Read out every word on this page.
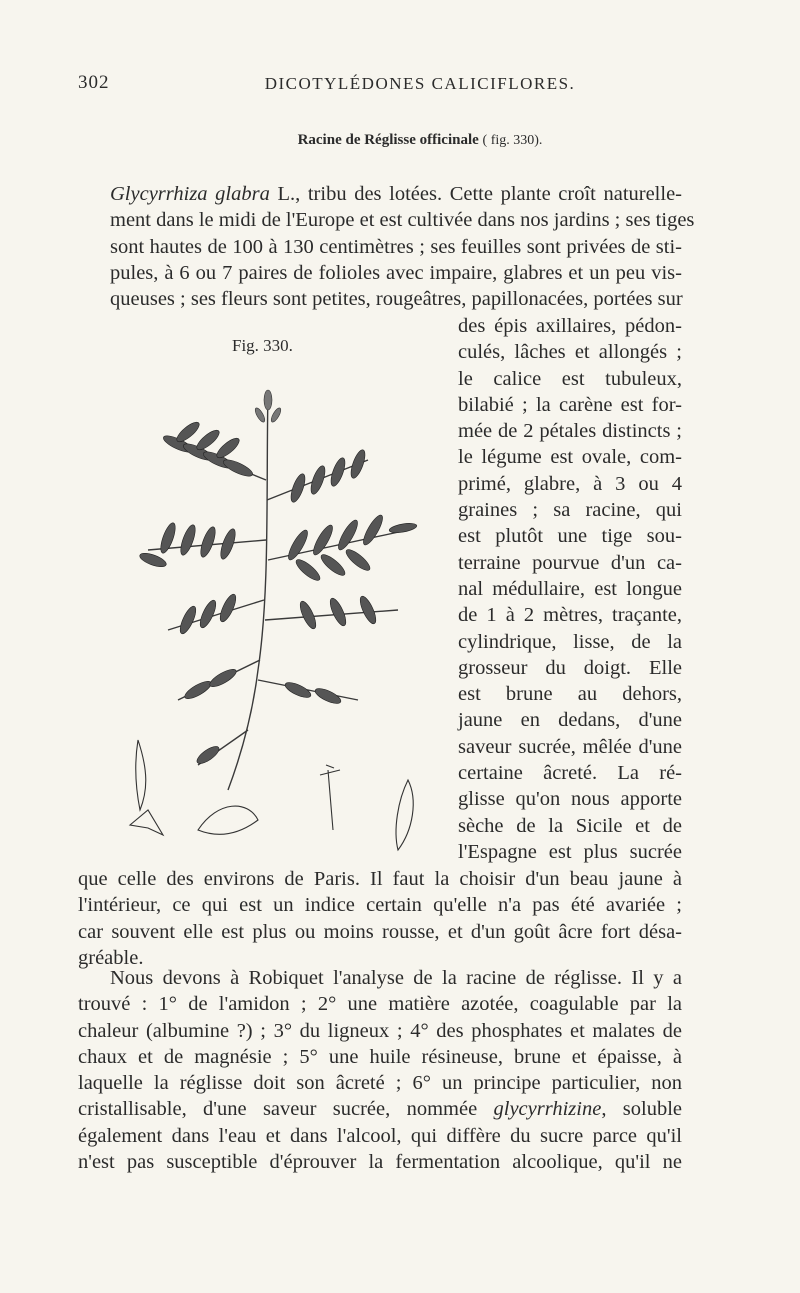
302	DICOTYLÉDONES CALICIFLORES.
Racine de Réglisse officinale ( fig. 330).
Glycyrrhiza glabra L., tribu des lotées. Cette plante croît naturelle-
ment dans le midi de l'Europe et est cultivée dans nos jardins ; ses tiges
sont hautes de 100 à 130 centimètres ; ses feuilles sont privées de sti-
pules, à 6 ou 7 paires de folioles avec impaire, glabres et un peu vis-
queuses ; ses fleurs sont petites, rougeâtres, papillonacées, portées sur
Fig. 330.
des épis axillaires, pédon-
culés, lâches et allongés ;
le calice est tubuleux,
bilabié ; la carène est for-
mée de 2 pétales distincts ;
le légume est ovale, com-
primé, glabre, à 3 ou 4
graines ; sa racine, qui
est plutôt une tige sou-
terraine pourvue d'un ca-
nal médullaire, est longue
de 1 à 2 mètres, traçante,
cylindrique, lisse, de la
grosseur du doigt. Elle
est brune au dehors,
jaune en dedans, d'une
saveur sucrée, mêlée d'une
certaine âcreté. La ré-
glisse qu'on nous apporte
sèche de la Sicile et de
l'Espagne est plus sucrée
que celle des environs de Paris. Il faut la choisir d'un beau jaune à
l'intérieur, ce qui est un indice certain qu'elle n'a pas été avariée ;
car souvent elle est plus ou moins rousse, et d'un goût âcre fort désa-
gréable.
Nous devons à Robiquet l'analyse de la racine de réglisse. Il y a
trouvé : 1° de l'amidon ; 2° une matière azotée, coagulable par la
chaleur (albumine ?) ; 3° du ligneux ; 4° des phosphates et malates de
chaux et de magnésie ; 5° une huile résineuse, brune et épaisse, à
laquelle la réglisse doit son âcreté ; 6° un principe particulier, non
cristallisable, d'une saveur sucrée, nommée glycyrrhizine, soluble
également dans l'eau et dans l'alcool, qui diffère du sucre parce qu'il
n'est pas susceptible d'éprouver la fermentation alcoolique, qu'il ne
